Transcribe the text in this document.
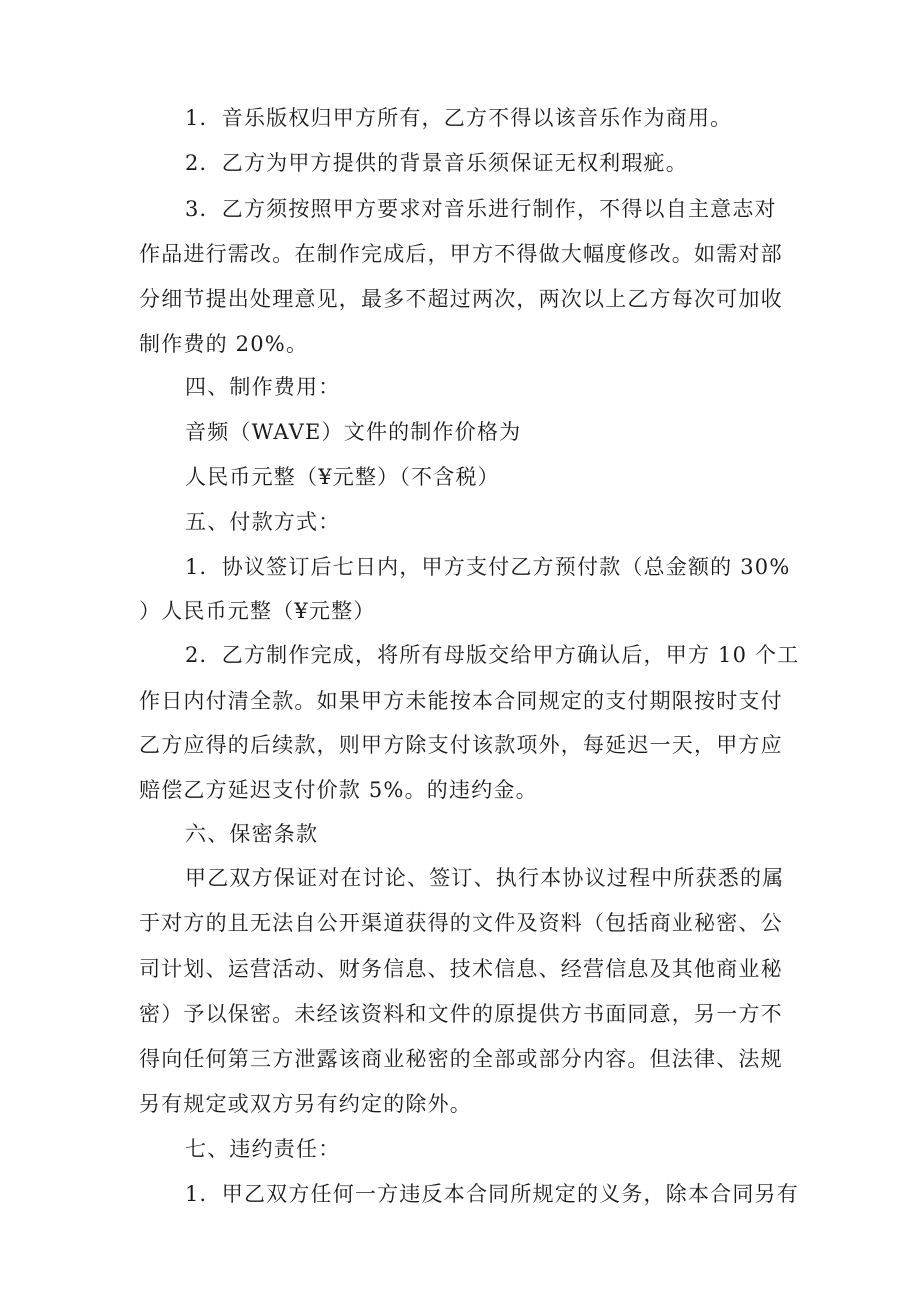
1．音乐版权归甲方所有，乙方不得以该音乐作为商用。
2．乙方为甲方提供的背景音乐须保证无权利瑕疵。
3．乙方须按照甲方要求对音乐进行制作，不得以自主意志对
作品进行需改。在制作完成后，甲方不得做大幅度修改。如需对部
分细节提出处理意见，最多不超过两次，两次以上乙方每次可加收
制作费的 20%。
四、制作费用：
音频（WAVE）文件的制作价格为
人民币元整（¥元整）（不含税）
五、付款方式：
1．协议签订后七日内，甲方支付乙方预付款（总金额的 30%
）人民币元整（¥元整）
2．乙方制作完成，将所有母版交给甲方确认后，甲方 10 个工
作日内付清全款。如果甲方未能按本合同规定的支付期限按时支付
乙方应得的后续款，则甲方除支付该款项外，每延迟一天，甲方应
赔偿乙方延迟支付价款 5%。的违约金。
六、保密条款
甲乙双方保证对在讨论、签订、执行本协议过程中所获悉的属
于对方的且无法自公开渠道获得的文件及资料（包括商业秘密、公
司计划、运营活动、财务信息、技术信息、经营信息及其他商业秘
密）予以保密。未经该资料和文件的原提供方书面同意，另一方不
得向任何第三方泄露该商业秘密的全部或部分内容。但法律、法规
另有规定或双方另有约定的除外。
七、违约责任：
1．甲乙双方任何一方违反本合同所规定的义务，除本合同另有
